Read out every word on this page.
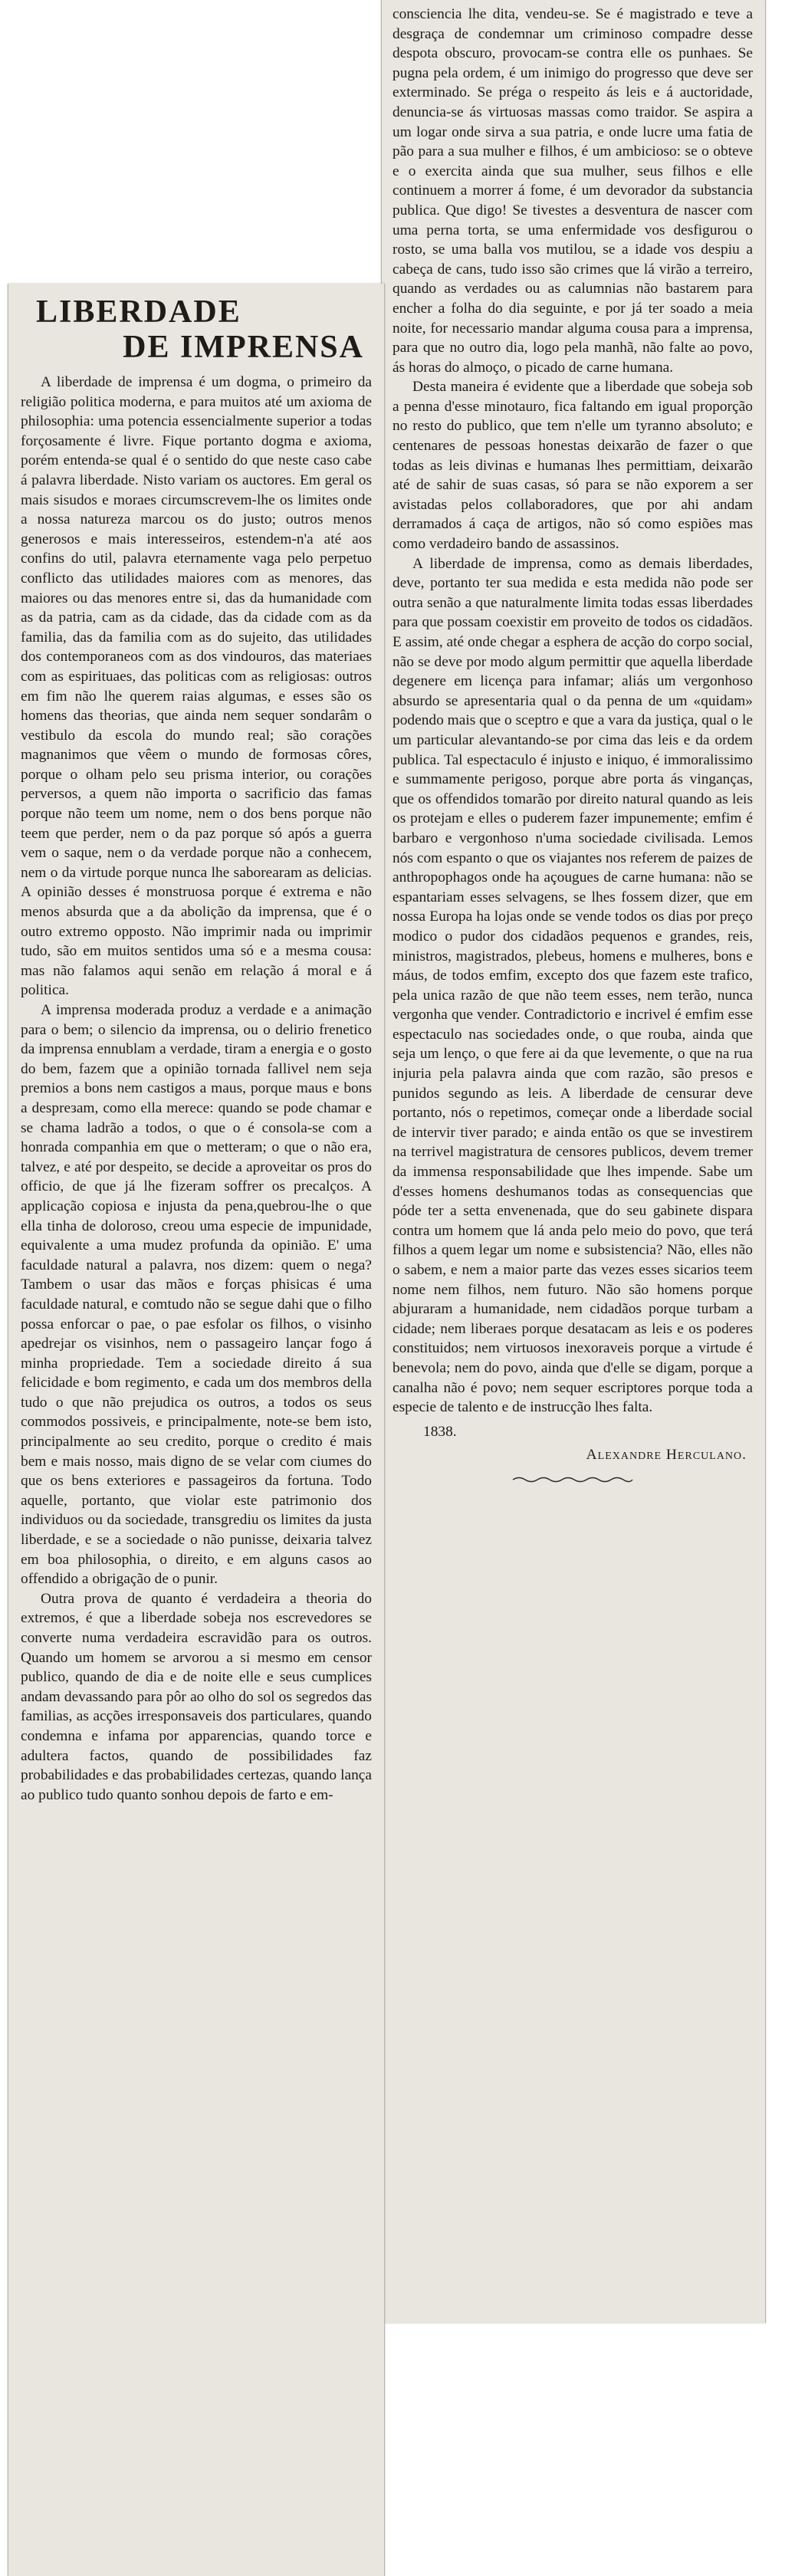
consciencia lhe dita, vendeu-se. Se é magistrado e teve a desgraça de condemnar um criminoso compadre desse despota obscuro, provocam-se contra elle os punhaes. Se pugna pela ordem, é um inimigo do progresso que deve ser exterminado. Se préga o respeito ás leis e á auctoridade, denuncia-se ás virtuosas massas como traidor. Se aspira a um logar onde sirva a sua patria, e onde lucre uma fatia de pão para a sua mulher e filhos, é um ambicioso: se o obteve e o exercita ainda que sua mulher, seus filhos e elle continuem a morrer á fome, é um devorador da substancia publica. Que digo! Se tivestes a desventura de nascer com uma perna torta, se uma enfermidade vos desfigurou o rosto, se uma balla vos mutilou, se a idade vos despiu a cabeça de cans, tudo isso são crimes que lá virão a terreiro, quando as verdades ou as calumnias não bastarem para encher a folha do dia seguinte, e por já ter soado a meia noite, for necessario mandar alguma cousa para a imprensa, para que no outro dia, logo pela manhã, não falte ao povo, ás horas do almoço, o picado de carne humana.

Desta maneira é evidente que a liberdade que sobeja sob a penna d'esse minotauro, fica faltando em igual proporção no resto do publico, que tem n'elle um tyranno absoluto; e centenares de pessoas honestas deixarão de fazer o que todas as leis divinas e humanas lhes permittiam, deixarão até de sahir de suas casas, só para se não exporem a ser avistadas pelos collaboradores, que por ahi andam derramados á caça de artigos, não só como espiões mas como verdadeiro bando de assassinos.

A liberdade de imprensa, como as demais liberdades, deve, portanto ter sua medida e esta medida não pode ser outra senão a que naturalmente limita todas essas liberdades para que possam coexistir em proveito de todos os cidadãos. E assim, até onde chegar a esphera de acção do corpo social, não se deve por modo algum permittir que aquella liberdade degenere em licença para infamar; aliás um vergonhoso absurdo se apresentaria qual o da penna de um «quidam» podendo mais que o sceptro e que a vara da justiça, qual o le um particular alevantando-se por cima das leis e da ordem publica. Tal espectaculo é injusto e iniquo, é immoralissimo e summamente perigoso, porque abre porta ás vinganças, que os offendidos tomarão por direito natural quando as leis os protejam e elles o puderem fazer impunemente; emfim é barbaro e vergonhoso n'uma sociedade civilisada. Lemos nós com espanto o que os viajantes nos referem de paizes de anthropophagos onde ha açougues de carne humana: não se espantariam esses selvagens, se lhes fossem dizer, que em nossa Europa ha lojas onde se vende todos os dias por preço modico o pudor dos cidadãos pequenos e grandes, reis, ministros, magistrados, plebeus, homens e mulheres, bons e máus, de todos emfim, excepto dos que fazem este trafico, pela unica razão de que não teem esses, nem terão, nunca vergonha que vender. Contradictorio e incrivel é emfim esse espectaculo nas sociedades onde, o que rouba, ainda que seja um lenço, o que fere ai da que levemente, o que na rua injuria pela palavra ainda que com razão, são presos e punidos segundo as leis. A liberdade de censurar deve portanto, nós o repetimos, começar onde a liberdade social de intervir tiver parado; e ainda então os que se investirem na terrivel magistratura de censores publicos, devem tremer da immensa responsabilidade que lhes impende. Sabe um d'esses homens deshumanos todas as consequencias que póde ter a setta envenenada, que do seu gabinete dispara contra um homem que lá anda pelo meio do povo, que terá filhos a quem legar um nome e subsistencia? Não, elles não o sabem, e nem a maior parte das vezes esses sicarios teem nome nem filhos, nem futuro. Não são homens porque abjuraram a humanidade, nem cidadãos porque turbam a cidade; nem liberaes porque desatacam as leis e os poderes constituidos; nem virtuosos inexoraveis porque a virtude é benevola; nem do povo, ainda que d'elle se digam, porque a canalha não é povo; nem sequer escriptores porque toda a especie de talento e de instrucção lhes falta.

1838.
Alexandre Herculano.
LIBERDADE
DE IMPRENSA

A liberdade de imprensa é um dogma, o primeiro da religião politica moderna, e para muitos até um axioma de philosophia: uma potencia essencialmente superior a todas forçosamente é livre. Fique portanto dogma e axioma, porém entenda-se qual é o sentido do que neste caso cabe á palavra liberdade. Nisto variam os auctores. Em geral os mais sisudos e moraes circumscrevem-lhe os limites onde a nossa natureza marcou os do justo; outros menos generosos e mais interesseiros, estendem-n'a até aos confins do util, palavra eternamente vaga pelo perpetuo conflicto das utilidades maiores com as menores, das maiores ou das menores entre si, das da humanidade com as da patria, cam as da cidade, das da cidade com as da familia, das da familia com as do sujeito, das utilidades dos contemporaneos com as dos vindouros, das materiaes com as espirituaes, das politicas com as religiosas: outros em fim não lhe querem raias algumas, e esses são os homens das theorias, que ainda nem sequer sondarâm o vestibulo da escola do mundo real; são corações magnanimos que vêem o mundo de formosas côres, porque o olham pelo seu prisma interior, ou corações perversos, a quem não importa o sacrificio das famas porque não teem um nome, nem o dos bens porque não teem que perder, nem o da paz porque só após a guerra vem o saque, nem o da verdade porque não a conhecem, nem o da virtude porque nunca lhe saborearam as delicias. A opinião desses é monstruosa porque é extrema e não menos absurda que a da abolição da imprensa, que é o outro extremo opposto. Não imprimir nada ou imprimir tudo, são em muitos sentidos uma só e a mesma cousa: mas não falamos aqui senão em relação á moral e á politica.

A imprensa moderada produz a verdade e a animação para o bem; o silencio da imprensa, ou o delirio frenetico da imprensa ennublam a verdade, tiram a energia e o gosto do bem, fazem que a opinião tornada fallivel nem seja premios a bons nem castigos a maus, porque maus e bons a despreзam, como ella merece: quando se pode chamar e se chama ladrão a todos, o que o é consola-se com a honrada companhia em que o metteram; o que o não era, talvez, e até por despeito, se decide a aproveitar os pros do officio, de que já lhe fizeram soffrer os precalços. A applicação copiosa e injusta da pena,quebrou-lhe o que ella tinha de doloroso, creou uma especie de impunidade, equivalente a uma mudez profunda da opinião. E' uma faculdade natural a palavra, nos dizem: quem o nega? Tambem o usar das mãos e forças phisicas é uma faculdade natural, e comtudo não se segue dahi que o filho possa enforcar o pae, o pae esfolar os filhos, o visinho apedrejar os visinhos, nem o passageiro lançar fogo á minha propriedade. Tem a sociedade direito á sua felicidade e bom regimento, e cada um dos membros della tudo o que não prejudica os outros, a todos os seus commodos possiveis, e principalmente, note-se bem isto, principalmente ao seu credito, porque o credito é mais bem e mais nosso, mais digno de se velar com ciumes do que os bens exteriores e passageiros da fortuna. Todo aquelle, portanto, que violar este patrimonio dos individuos ou da sociedade, transgrediu os limites da justa liberdade, e se a sociedade o não punisse, deixaria talvez em boa philosophia, o direito, e em alguns casos ao offendido a obrigação de o punir.

Outra prova de quanto é verdadeira a theoria do extremos, é que a liberdade sobeja nos escrevedores se converte numa verdadeira escravidão para os outros. Quando um homem se arvorou a si mesmo em censor publico, quando de dia e de noite elle e seus cumplices andam devassando para pôr ao olho do sol os segredos das familias, as acções irresponsaveis dos particulares, quando condemna e infama por apparencias, quando torce e adultera factos, quando de possibilidades faz probabilidades e das probabilidades certezas, quando lança ao publico tudo quanto sonhou depois de farto e em-
